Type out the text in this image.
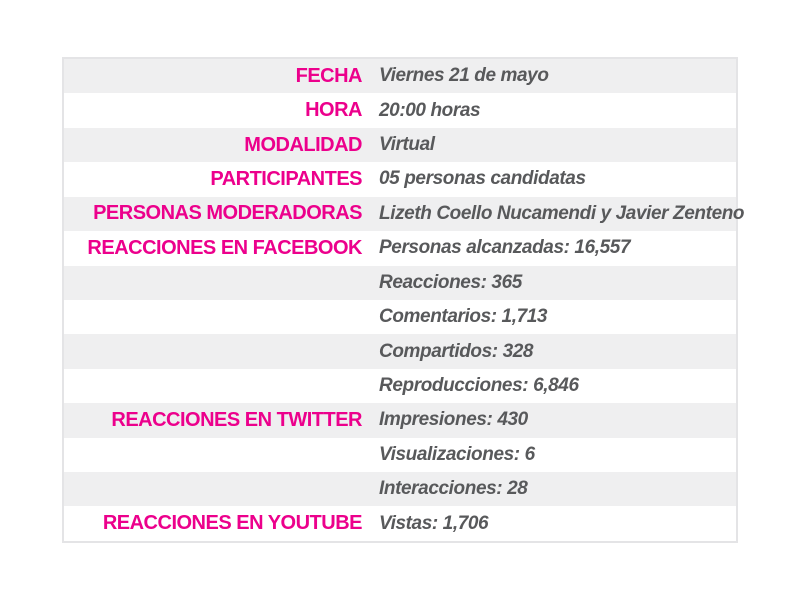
FECHA Viernes 21 de mayo
HORA 20:00 horas
MODALIDAD Virtual
PARTICIPANTES 05 personas candidatas
PERSONAS MODERADORAS Lizeth Coello Nucamendi y Javier Zenteno
REACCIONES EN FACEBOOK Personas alcanzadas: 16,557
Reacciones: 365
Comentarios: 1,713
Compartidos: 328
Reproducciones: 6,846
REACCIONES EN TWITTER Impresiones: 430
Visualizaciones: 6
Interacciones: 28
REACCIONES EN YOUTUBE Vistas: 1,706
